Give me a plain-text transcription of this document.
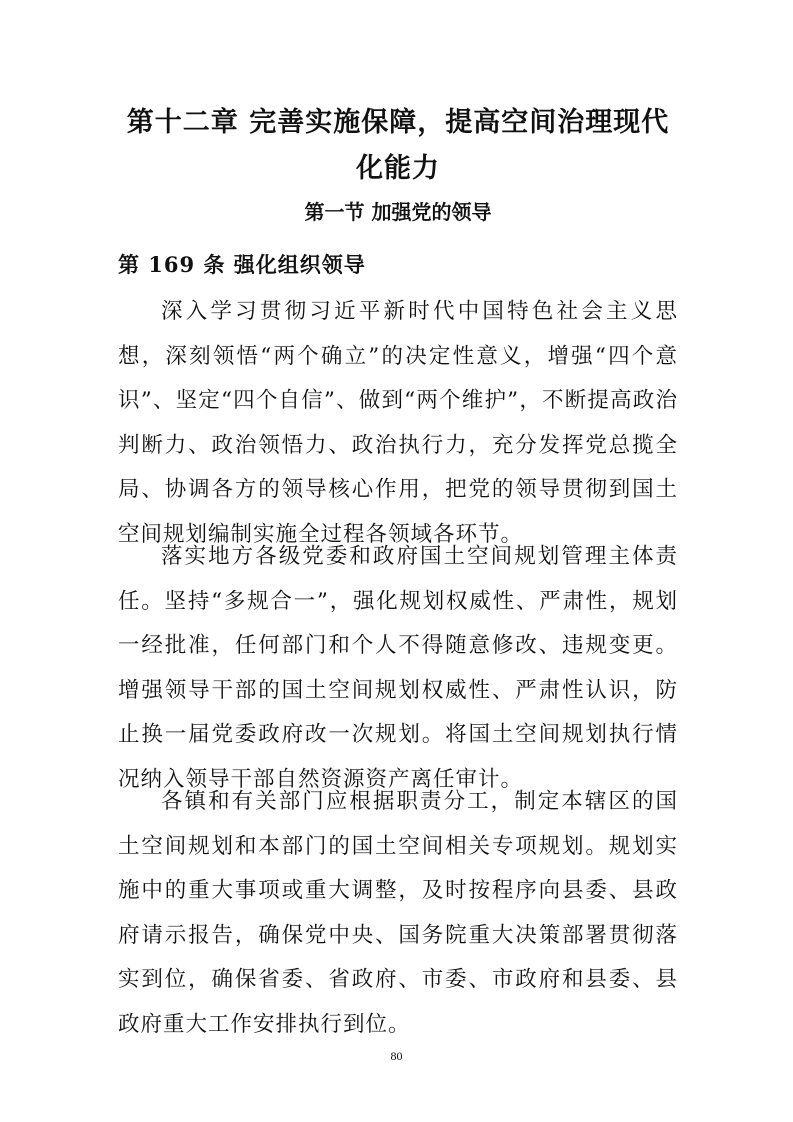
第十二章 完善实施保障，提高空间治理现代化能力
第一节 加强党的领导
第 169 条 强化组织领导

深入学习贯彻习近平新时代中国特色社会主义思想，深刻领悟“两个确立”的决定性意义，增强“四个意识”、坚定“四个自信”、做到“两个维护”，不断提高政治判断力、政治领悟力、政治执行力，充分发挥党总揽全局、协调各方的领导核心作用，把党的领导贯彻到国土空间规划编制实施全过程各领域各环节。

落实地方各级党委和政府国土空间规划管理主体责任。坚持“多规合一”，强化规划权威性、严肃性，规划一经批准，任何部门和个人不得随意修改、违规变更。增强领导干部的国土空间规划权威性、严肃性认识，防止换一届党委政府改一次规划。将国土空间规划执行情况纳入领导干部自然资源资产离任审计。

各镇和有关部门应根据职责分工，制定本辖区的国土空间规划和本部门的国土空间相关专项规划。规划实施中的重大事项或重大调整，及时按程序向县委、县政府请示报告，确保党中央、国务院重大决策部署贯彻落实到位，确保省委、省政府、市委、市政府和县委、县政府重大工作安排执行到位。

80
